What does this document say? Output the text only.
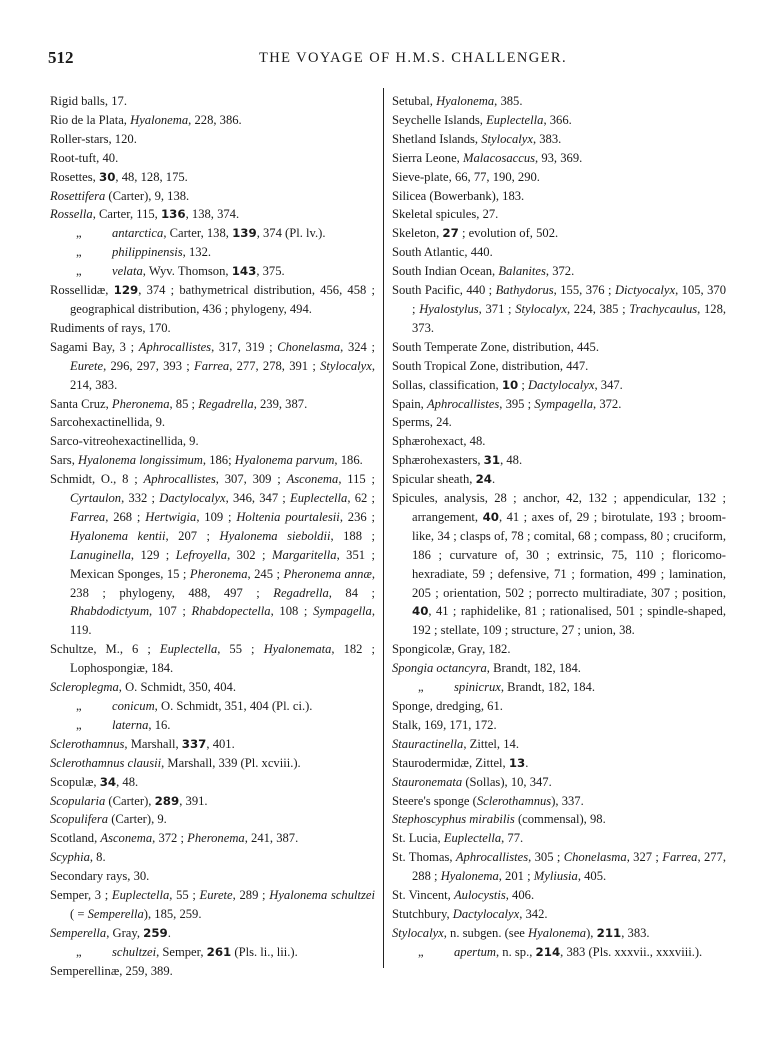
512	THE VOYAGE OF H.M.S. CHALLENGER.

Rigid balls, 17.

Rio de la Plata, Hyalonema, 228, 386.

Roller-stars, 120.

Root-tuft, 40.

Rosettes, 30, 48, 128, 175.

Rosettifera (Carter), 9, 138.

Rossella, Carter, 115, 136, 138, 374.

„ antarctica, Carter, 138, 139, 374 (Pl. lv.).

„ philippinensis, 132.

„ velata, Wyv. Thomson, 143, 375.

Rossellidæ, 129, 374 ; bathymetrical distribution, 456, 458 ; geographical distribution, 436 ; phylogeny, 494.

Rudiments of rays, 170.

Sagami Bay, 3 ; Aphrocallistes, 317, 319 ; Chonelasma, 324 ; Eurete, 296, 297, 393 ; Farrea, 277, 278, 391 ; Stylocalyx, 214, 383.

Santa Cruz, Pheronema, 85 ; Regadrella, 239, 387.

Sarcohexactinellida, 9.

Sarco-vitreohexactinellida, 9.

Sars, Hyalonema longissimum, 186; Hyalonema parvum, 186.

Schmidt, O., 8 ; Aphrocallistes, 307, 309 ; Asconema, 115 ; Cyrtaulon, 332 ; Dactylocalyx, 346, 347 ; Euplectella, 62 ; Farrea, 268 ; Hertwigia, 109 ; Holtenia pourtalesii, 236 ; Hyalonema kentii, 207 ; Hyalonema sieboldii, 188 ; Lanuginella, 129 ; Lefroyella, 302 ; Margaritella, 351 ; Mexican Sponges, 15 ; Pheronema, 245 ; Pheronema annæ, 238 ; phylogeny, 488, 497 ; Regadrella, 84 ; Rhabdodictyum, 107 ; Rhabdopectella, 108 ; Sympagella, 119.

Schultze, M., 6 ; Euplectella, 55 ; Hyalonemata, 182 ; Lophospongiæ, 184.

Scleroplegma, O. Schmidt, 350, 404.

„ conicum, O. Schmidt, 351, 404 (Pl. ci.).

„ laterna, 16.

Sclerothamnus, Marshall, 337, 401.

Sclerothamnus clausii, Marshall, 339 (Pl. xcviii.).

Scopulæ, 34, 48.

Scopularia (Carter), 289, 391.

Scopulifera (Carter), 9.

Scotland, Asconema, 372 ; Pheronema, 241, 387.

Scyphia, 8.

Secondary rays, 30.

Semper, 3 ; Euplectella, 55 ; Eurete, 289 ; Hyalonema schultzei ( = Semperella), 185, 259.

Semperella, Gray, 259.

„ schultzei, Semper, 261 (Pls. li., lii.).

Semperellinæ, 259, 389.

Setubal, Hyalonema, 385.

Seychelle Islands, Euplectella, 366.

Shetland Islands, Stylocalyx, 383.

Sierra Leone, Malacosaccus, 93, 369.

Sieve-plate, 66, 77, 190, 290.

Silicea (Bowerbank), 183.

Skeletal spicules, 27.

Skeleton, 27 ; evolution of, 502.

South Atlantic, 440.

South Indian Ocean, Balanites, 372.

South Pacific, 440 ; Bathydorus, 155, 376 ; Dictyocalyx, 105, 370 ; Hyalostylus, 371 ; Stylocalyx, 224, 385 ; Trachycaulus, 128, 373.

South Temperate Zone, distribution, 445.

South Tropical Zone, distribution, 447.

Sollas, classification, 10 ; Dactylocalyx, 347.

Spain, Aphrocallistes, 395 ; Sympagella, 372.

Sperms, 24.

Sphærohexact, 48.

Sphærohexasters, 31, 48.

Spicular sheath, 24.

Spicules, analysis, 28 ; anchor, 42, 132 ; appendicular, 132 ; arrangement, 40, 41 ; axes of, 29 ; birotulate, 193 ; broom-like, 34 ; clasps of, 78 ; comital, 68 ; compass, 80 ; cruciform, 186 ; curvature of, 30 ; extrinsic, 75, 110 ; floricomo-hexradiate, 59 ; defensive, 71 ; formation, 499 ; lamination, 205 ; orientation, 502 ; porrecto multiradiate, 307 ; position, 40, 41 ; raphidelike, 81 ; rationalised, 501 ; spindle-shaped, 192 ; stellate, 109 ; structure, 27 ; union, 38.

Spongicolæ, Gray, 182.

Spongia octancyra, Brandt, 182, 184.

„ spinicrux, Brandt, 182, 184.

Sponge, dredging, 61.

Stalk, 169, 171, 172.

Stauractinella, Zittel, 14.

Staurodermidæ, Zittel, 13.

Stauronemata (Sollas), 10, 347.

Steere's sponge (Sclerothamnus), 337.

Stephoscyphus mirabilis (commensal), 98.

St. Lucia, Euplectella, 77.

St. Thomas, Aphrocallistes, 305 ; Chonelasma, 327 ; Farrea, 277, 288 ; Hyalonema, 201 ; Myliusia, 405.

St. Vincent, Aulocystis, 406.

Stutchbury, Dactylocalyx, 342.

Stylocalyx, n. subgen. (see Hyalonema), 211, 383.

„ apertum, n. sp., 214, 383 (Pls. xxxvii., xxxviii.).
